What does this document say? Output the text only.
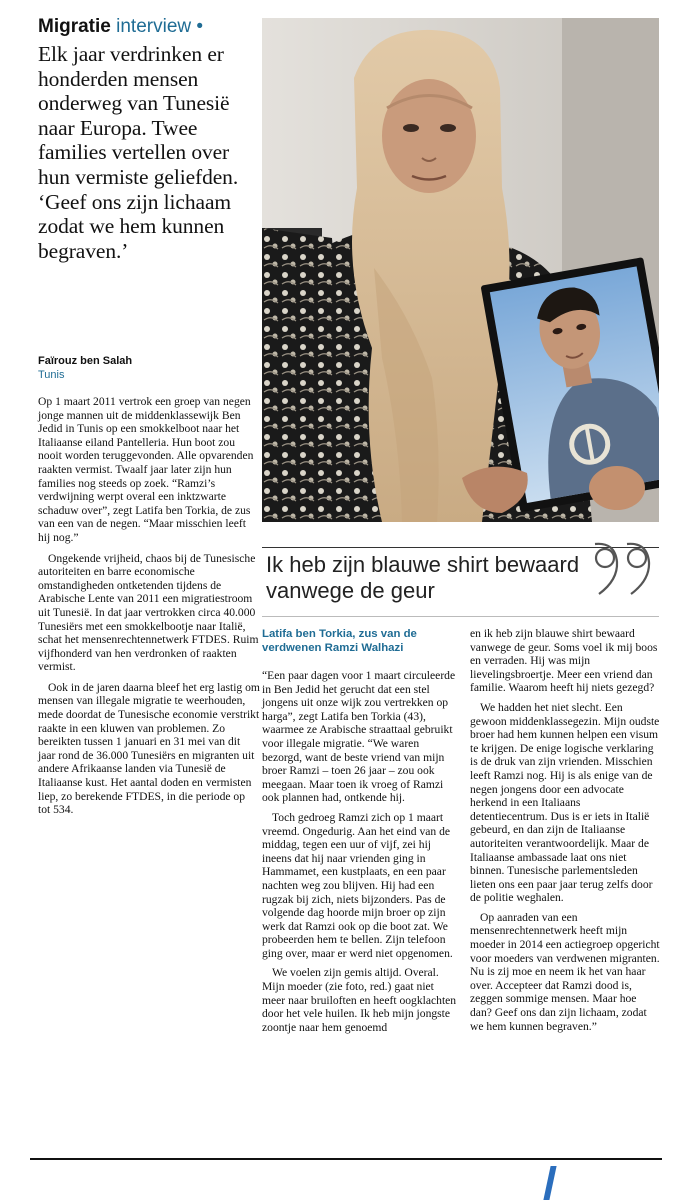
Migratie interview •
Elk jaar verdrinken er honderden mensen onderweg van Tunesië naar Europa. Twee families vertellen over hun vermiste geliefden. ‘Geef ons zijn lichaam zodat we hem kunnen begraven.’
Faïrouz ben Salah
Tunis

Op 1 maart 2011 vertrok een groep van negen jonge mannen uit de middenklassewijk Ben Jedid in Tunis op een smokkelboot naar het Italiaanse eiland Pantelleria. Hun boot zou nooit worden teruggevonden. Alle opvarenden raakten vermist. Twaalf jaar later zijn hun families nog steeds op zoek. “Ramzi’s verdwijning werpt overal een inktzwarte schaduw over”, zegt Latifa ben Torkia, de zus van een van de negen. “Maar misschien leeft hij nog.”

Ongekende vrijheid, chaos bij de Tunesische autoriteiten en barre economische omstandigheden ontketenden tijdens de Arabische Lente van 2011 een migratiestroom uit Tunesië. In dat jaar vertrokken circa 40.000 Tunesiërs met een smokkelbootje naar Italië, schat het mensenrechtennetwerk FTDES. Ruim vijfhonderd van hen verdronken of raakten vermist.

Ook in de jaren daarna bleef het erg lastig om mensen van illegale migratie te weerhouden, mede doordat de Tunesische economie verstrikt raakte in een kluwen van problemen. Zo bereikten tussen 1 januari en 31 mei van dit jaar rond de 36.000 Tunesiërs en migranten uit andere Afrikaanse landen via Tunesië de Italiaanse kust. Het aantal doden en vermisten liep, zo berekende FTDES, in die periode op tot 534.

Ik heb zijn blauwe shirt bewaard vanwege de geur
Latifa ben Torkia, zus van de verdwenen Ramzi Walhazi

“Een paar dagen voor 1 maart circuleerde in Ben Jedid het gerucht dat een stel jongens uit onze wijk zou vertrekken op harga”, zegt Latifa ben Torkia (43), waarmee ze Arabische straattaal gebruikt voor illegale migratie. “We waren bezorgd, want de beste vriend van mijn broer Ramzi – toen 26 jaar – zou ook meegaan. Maar toen ik vroeg of Ramzi ook plannen had, ontkende hij.

Toch gedroeg Ramzi zich op 1 maart vreemd. Ongedurig. Aan het eind van de middag, tegen een uur of vijf, zei hij ineens dat hij naar vrienden ging in Hammamet, een kustplaats, en een paar nachten weg zou blijven. Hij had een rugzak bij zich, niets bijzonders. Pas de volgende dag hoorde mijn broer op zijn werk dat Ramzi ook op die boot zat. We probeerden hem te bellen. Zijn telefoon ging over, maar er werd niet opgenomen.

We voelen zijn gemis altijd. Overal. Mijn moeder (zie foto, red.) gaat niet meer naar bruiloften en heeft oogklachten door het vele huilen. Ik heb mijn jongste zoontje naar hem genoemd

en ik heb zijn blauwe shirt bewaard vanwege de geur. Soms voel ik mij boos en verraden. Hij was mijn lievelingsbroertje. Meer een vriend dan familie. Waarom heeft hij niets gezegd?

We hadden het niet slecht. Een gewoon middenklassegezin. Mijn oudste broer had hem kunnen helpen een visum te krijgen. De enige logische verklaring is de druk van zijn vrienden. Misschien leeft Ramzi nog. Hij is als enige van de negen jongens door een advocate herkend in een Italiaans detentiecentrum. Dus is er iets in Italië gebeurd, en dan zijn de Italiaanse autoriteiten verantwoordelijk. Maar de Italiaanse ambassade laat ons niet binnen. Tunesische parlementsleden lieten ons een paar jaar terug zelfs door de politie weghalen.

Op aanraden van een mensenrechtennetwerk heeft mijn moeder in 2014 een actiegroep opgericht voor moeders van verdwenen migranten. Nu is zij moe en neem ik het van haar over. Accepteer dat Ramzi dood is, zeggen sommige mensen. Maar hoe dan? Geef ons dan zijn lichaam, zodat we hem kunnen begraven.”
